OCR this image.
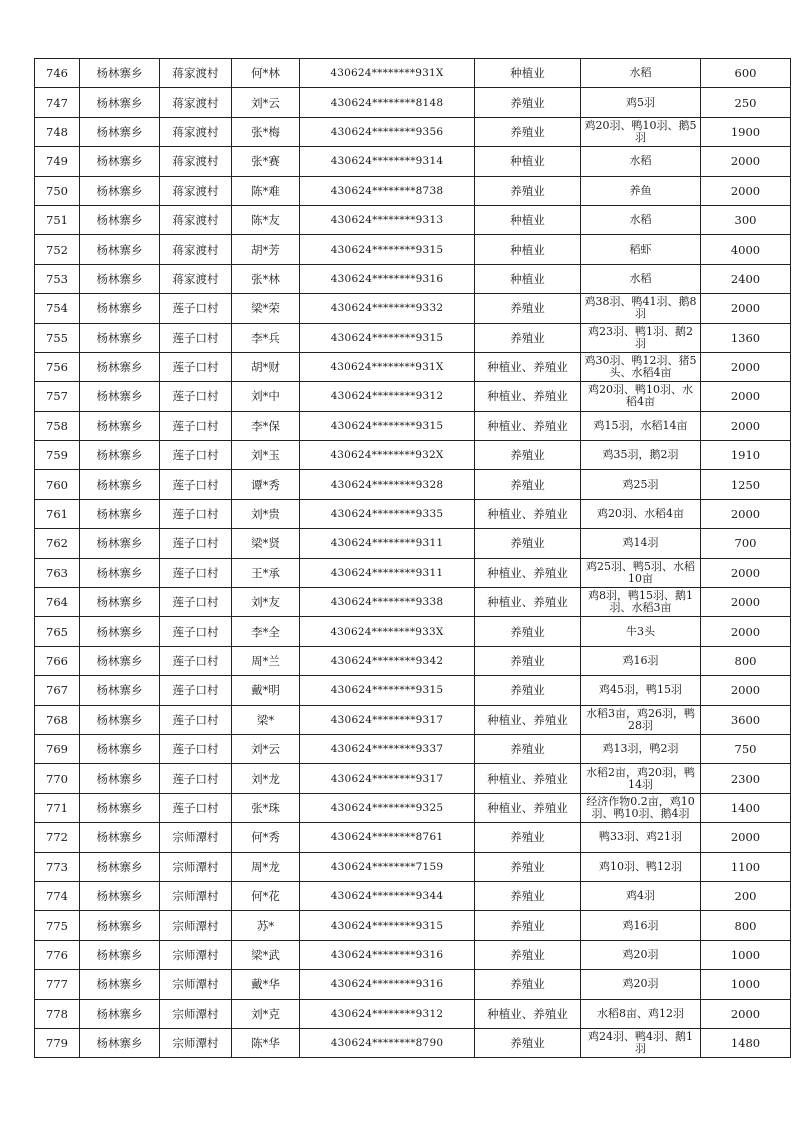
746	杨林寨乡	蒋家渡村	何*林	430624********931X	种植业	水稻	600
747	杨林寨乡	蒋家渡村	刘*云	430624********8148	养殖业	鸡5羽	250
748	杨林寨乡	蒋家渡村	张*梅	430624********9356	养殖业	鸡20羽、鸭10羽、鹅5羽	1900
749	杨林寨乡	蒋家渡村	张*赛	430624********9314	种植业	水稻	2000
750	杨林寨乡	蒋家渡村	陈*难	430624********8738	养殖业	养鱼	2000
751	杨林寨乡	蒋家渡村	陈*友	430624********9313	种植业	水稻	300
752	杨林寨乡	蒋家渡村	胡*芳	430624********9315	种植业	稻虾	4000
753	杨林寨乡	蒋家渡村	张*林	430624********9316	种植业	水稻	2400
754	杨林寨乡	莲子口村	梁*荣	430624********9332	养殖业	鸡38羽、鸭41羽、鹅8羽	2000
755	杨林寨乡	莲子口村	李*兵	430624********9315	养殖业	鸡23羽、鸭1羽、鹅2羽	1360
756	杨林寨乡	莲子口村	胡*财	430624********931X	种植业、养殖业	鸡30羽、鸭12羽、猪5头、水稻4亩	2000
757	杨林寨乡	莲子口村	刘*中	430624********9312	种植业、养殖业	鸡20羽、鸭10羽、水稻4亩	2000
758	杨林寨乡	莲子口村	李*保	430624********9315	种植业、养殖业	鸡15羽，水稻14亩	2000
759	杨林寨乡	莲子口村	刘*玉	430624********932X	养殖业	鸡35羽，鹅2羽	1910
760	杨林寨乡	莲子口村	谭*秀	430624********9328	养殖业	鸡25羽	1250
761	杨林寨乡	莲子口村	刘*贵	430624********9335	种植业、养殖业	鸡20羽、水稻4亩	2000
762	杨林寨乡	莲子口村	梁*贤	430624********9311	养殖业	鸡14羽	700
763	杨林寨乡	莲子口村	王*承	430624********9311	种植业、养殖业	鸡25羽、鸭5羽、水稻10亩	2000
764	杨林寨乡	莲子口村	刘*友	430624********9338	种植业、养殖业	鸡8羽，鸭15羽、鹅1羽、水稻3亩	2000
765	杨林寨乡	莲子口村	李*全	430624********933X	养殖业	牛3头	2000
766	杨林寨乡	莲子口村	周*兰	430624********9342	养殖业	鸡16羽	800
767	杨林寨乡	莲子口村	戴*明	430624********9315	养殖业	鸡45羽，鸭15羽	2000
768	杨林寨乡	莲子口村	梁*	430624********9317	种植业、养殖业	水稻3亩，鸡26羽，鸭28羽	3600
769	杨林寨乡	莲子口村	刘*云	430624********9337	养殖业	鸡13羽，鸭2羽	750
770	杨林寨乡	莲子口村	刘*龙	430624********9317	种植业、养殖业	水稻2亩，鸡20羽，鸭14羽	2300
771	杨林寨乡	莲子口村	张*珠	430624********9325	种植业、养殖业	经济作物0.2亩，鸡10羽、鸭10羽、鹅4羽	1400
772	杨林寨乡	宗师潭村	何*秀	430624********8761	养殖业	鸭33羽、鸡21羽	2000
773	杨林寨乡	宗师潭村	周*龙	430624********7159	养殖业	鸡10羽、鸭12羽	1100
774	杨林寨乡	宗师潭村	何*花	430624********9344	养殖业	鸡4羽	200
775	杨林寨乡	宗师潭村	苏*	430624********9315	养殖业	鸡16羽	800
776	杨林寨乡	宗师潭村	梁*武	430624********9316	养殖业	鸡20羽	1000
777	杨林寨乡	宗师潭村	戴*华	430624********9316	养殖业	鸡20羽	1000
778	杨林寨乡	宗师潭村	刘*克	430624********9312	种植业、养殖业	水稻8亩、鸡12羽	2000
779	杨林寨乡	宗师潭村	陈*华	430624********8790	养殖业	鸡24羽、鸭4羽、鹅1羽	1480
